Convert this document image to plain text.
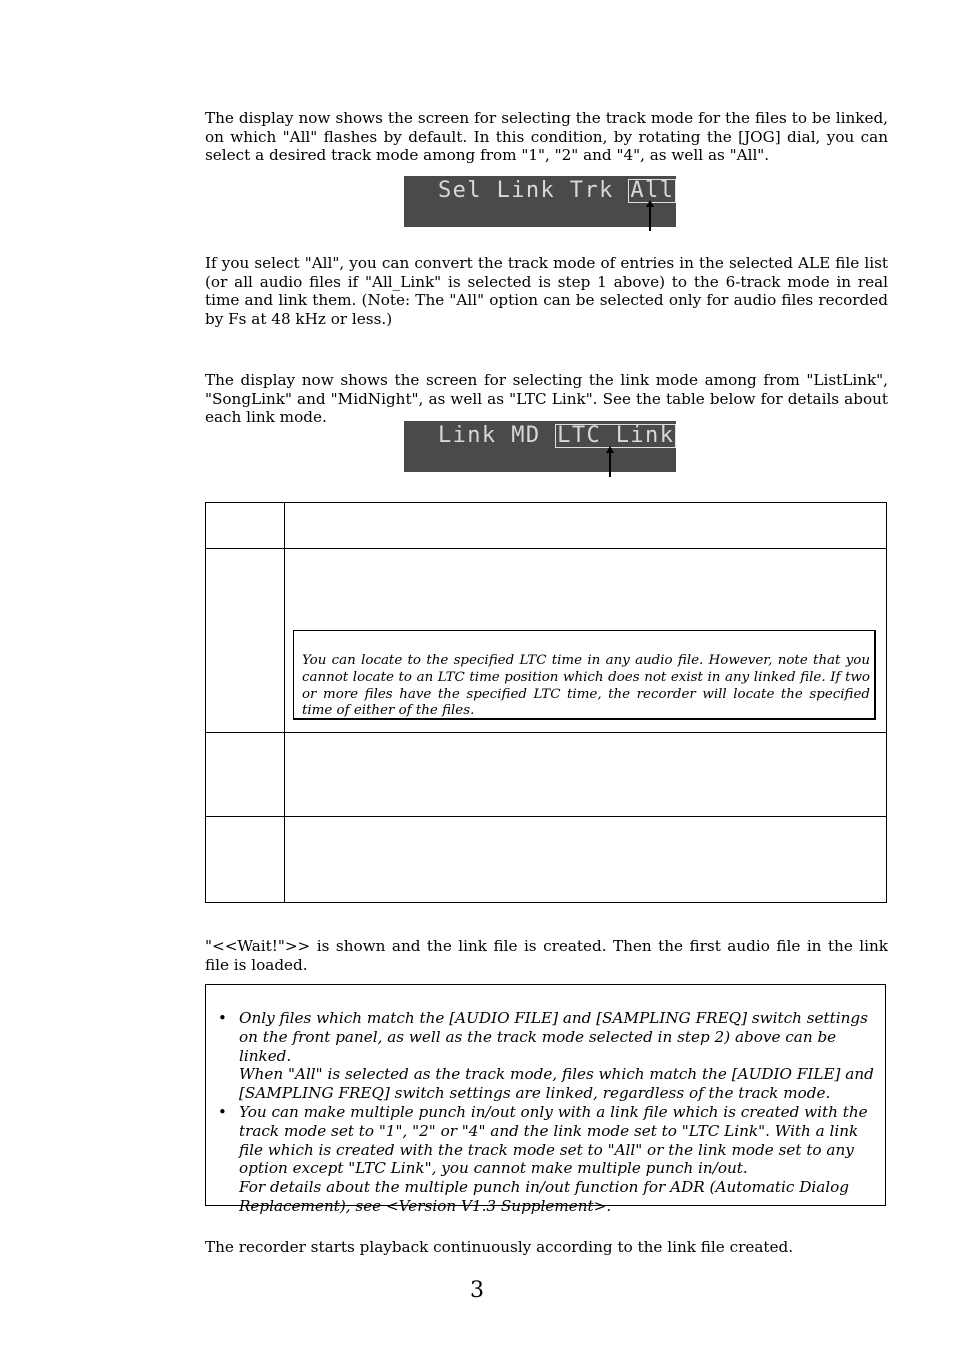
The display now shows the screen for selecting the track mode for the files to be linked, on which "All" flashes by default. In this condition, by rotating the [JOG] dial, you can select a desired track mode among from "1", "2" and "4", as well as "All".

Sel Link Trk All

If you select "All", you can convert the track mode of entries in the selected ALE file list (or all audio files if "All_Link" is selected is step 1 above) to the 6-track mode in real time and link them. (Note: The "All" option can be selected only for audio files recorded by Fs at 48 kHz or less.)

The display now shows the screen for selecting the link mode among from "ListLink", "SongLink" and "MidNight", as well as "LTC Link". See the table below for details about each link mode.

Link MD LTC Link

You can locate to the specified LTC time in any audio file. However, note that you cannot locate to an LTC time position which does not exist in any linked file. If two or more files have the specified LTC time, the recorder will locate the specified time of either of the files.

"<<Wait!">> is shown and the link file is created. Then the first audio file in the link file is loaded.

• Only files which match the [AUDIO FILE] and [SAMPLING FREQ] switch settings on the front panel, as well as the track mode selected in step 2) above can be linked.
When "All" is selected as the track mode, files which match the [AUDIO FILE] and [SAMPLING FREQ] switch settings are linked, regardless of the track mode.
• You can make multiple punch in/out only with a link file which is created with the track mode set to "1", "2" or "4" and the link mode set to "LTC Link". With a link file which is created with the track mode set to "All" or the link mode set to any option except "LTC Link", you cannot make multiple punch in/out.
For details about the multiple punch in/out function for ADR (Automatic Dialog Replacement), see <Version V1.3 Supplement>.

The recorder starts playback continuously according to the link file created.

3
